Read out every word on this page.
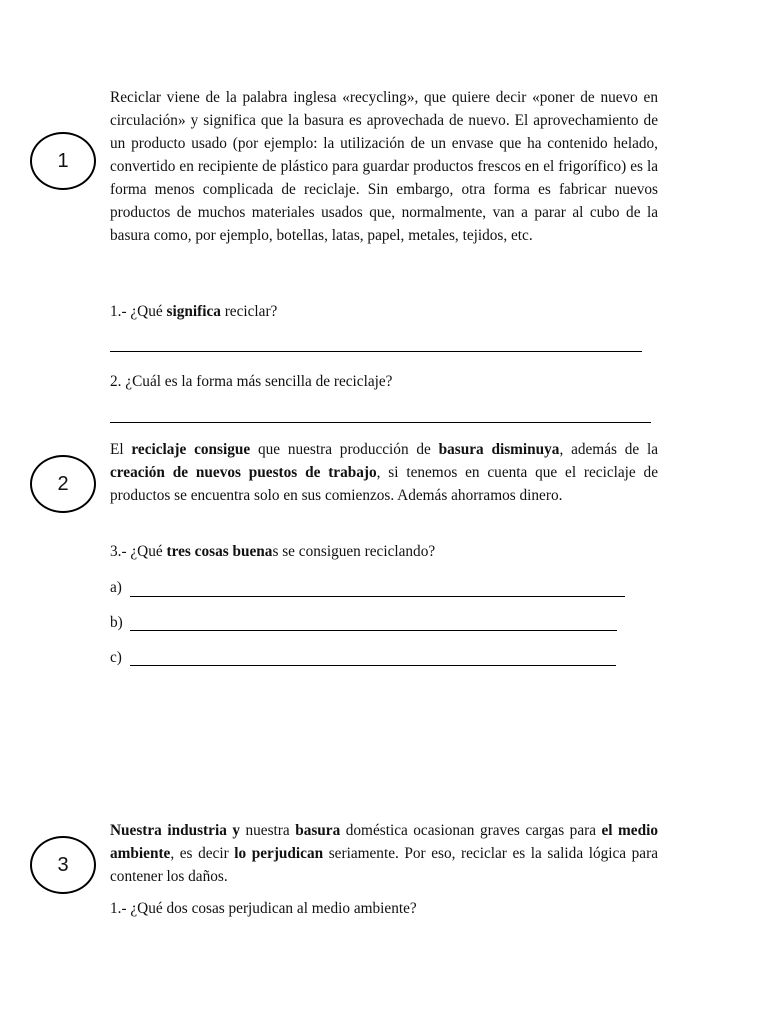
1

Reciclar viene de la palabra inglesa «recycling», que quiere decir «poner de nuevo en circulación» y significa que la basura es aprovechada de nuevo. El aprovechamiento de un producto usado (por ejemplo: la utilización de un envase que ha contenido helado, convertido en recipiente de plástico para guardar productos frescos en el frigorífico) es la forma menos complicada de reciclaje. Sin embargo, otra forma es fabricar nuevos productos de muchos materiales usados que, normalmente, van a parar al cubo de la basura como, por ejemplo, botellas, latas, papel, metales, tejidos, etc.

1.- ¿Qué significa reciclar?

2. ¿Cuál es la forma más sencilla de reciclaje?

2

El reciclaje consigue que nuestra producción de basura disminuya, además de la creación de nuevos puestos de trabajo, si tenemos en cuenta que el reciclaje de productos se encuentra solo en sus comienzos. Además ahorramos dinero.

3.- ¿Qué tres cosas buenas se consiguen reciclando?

a)

b)

c)

3

Nuestra industria y nuestra basura doméstica ocasionan graves cargas para el medio ambiente, es decir lo perjudican seriamente. Por eso, reciclar es la salida lógica para contener los daños.

1.- ¿Qué dos cosas perjudican al medio ambiente?
